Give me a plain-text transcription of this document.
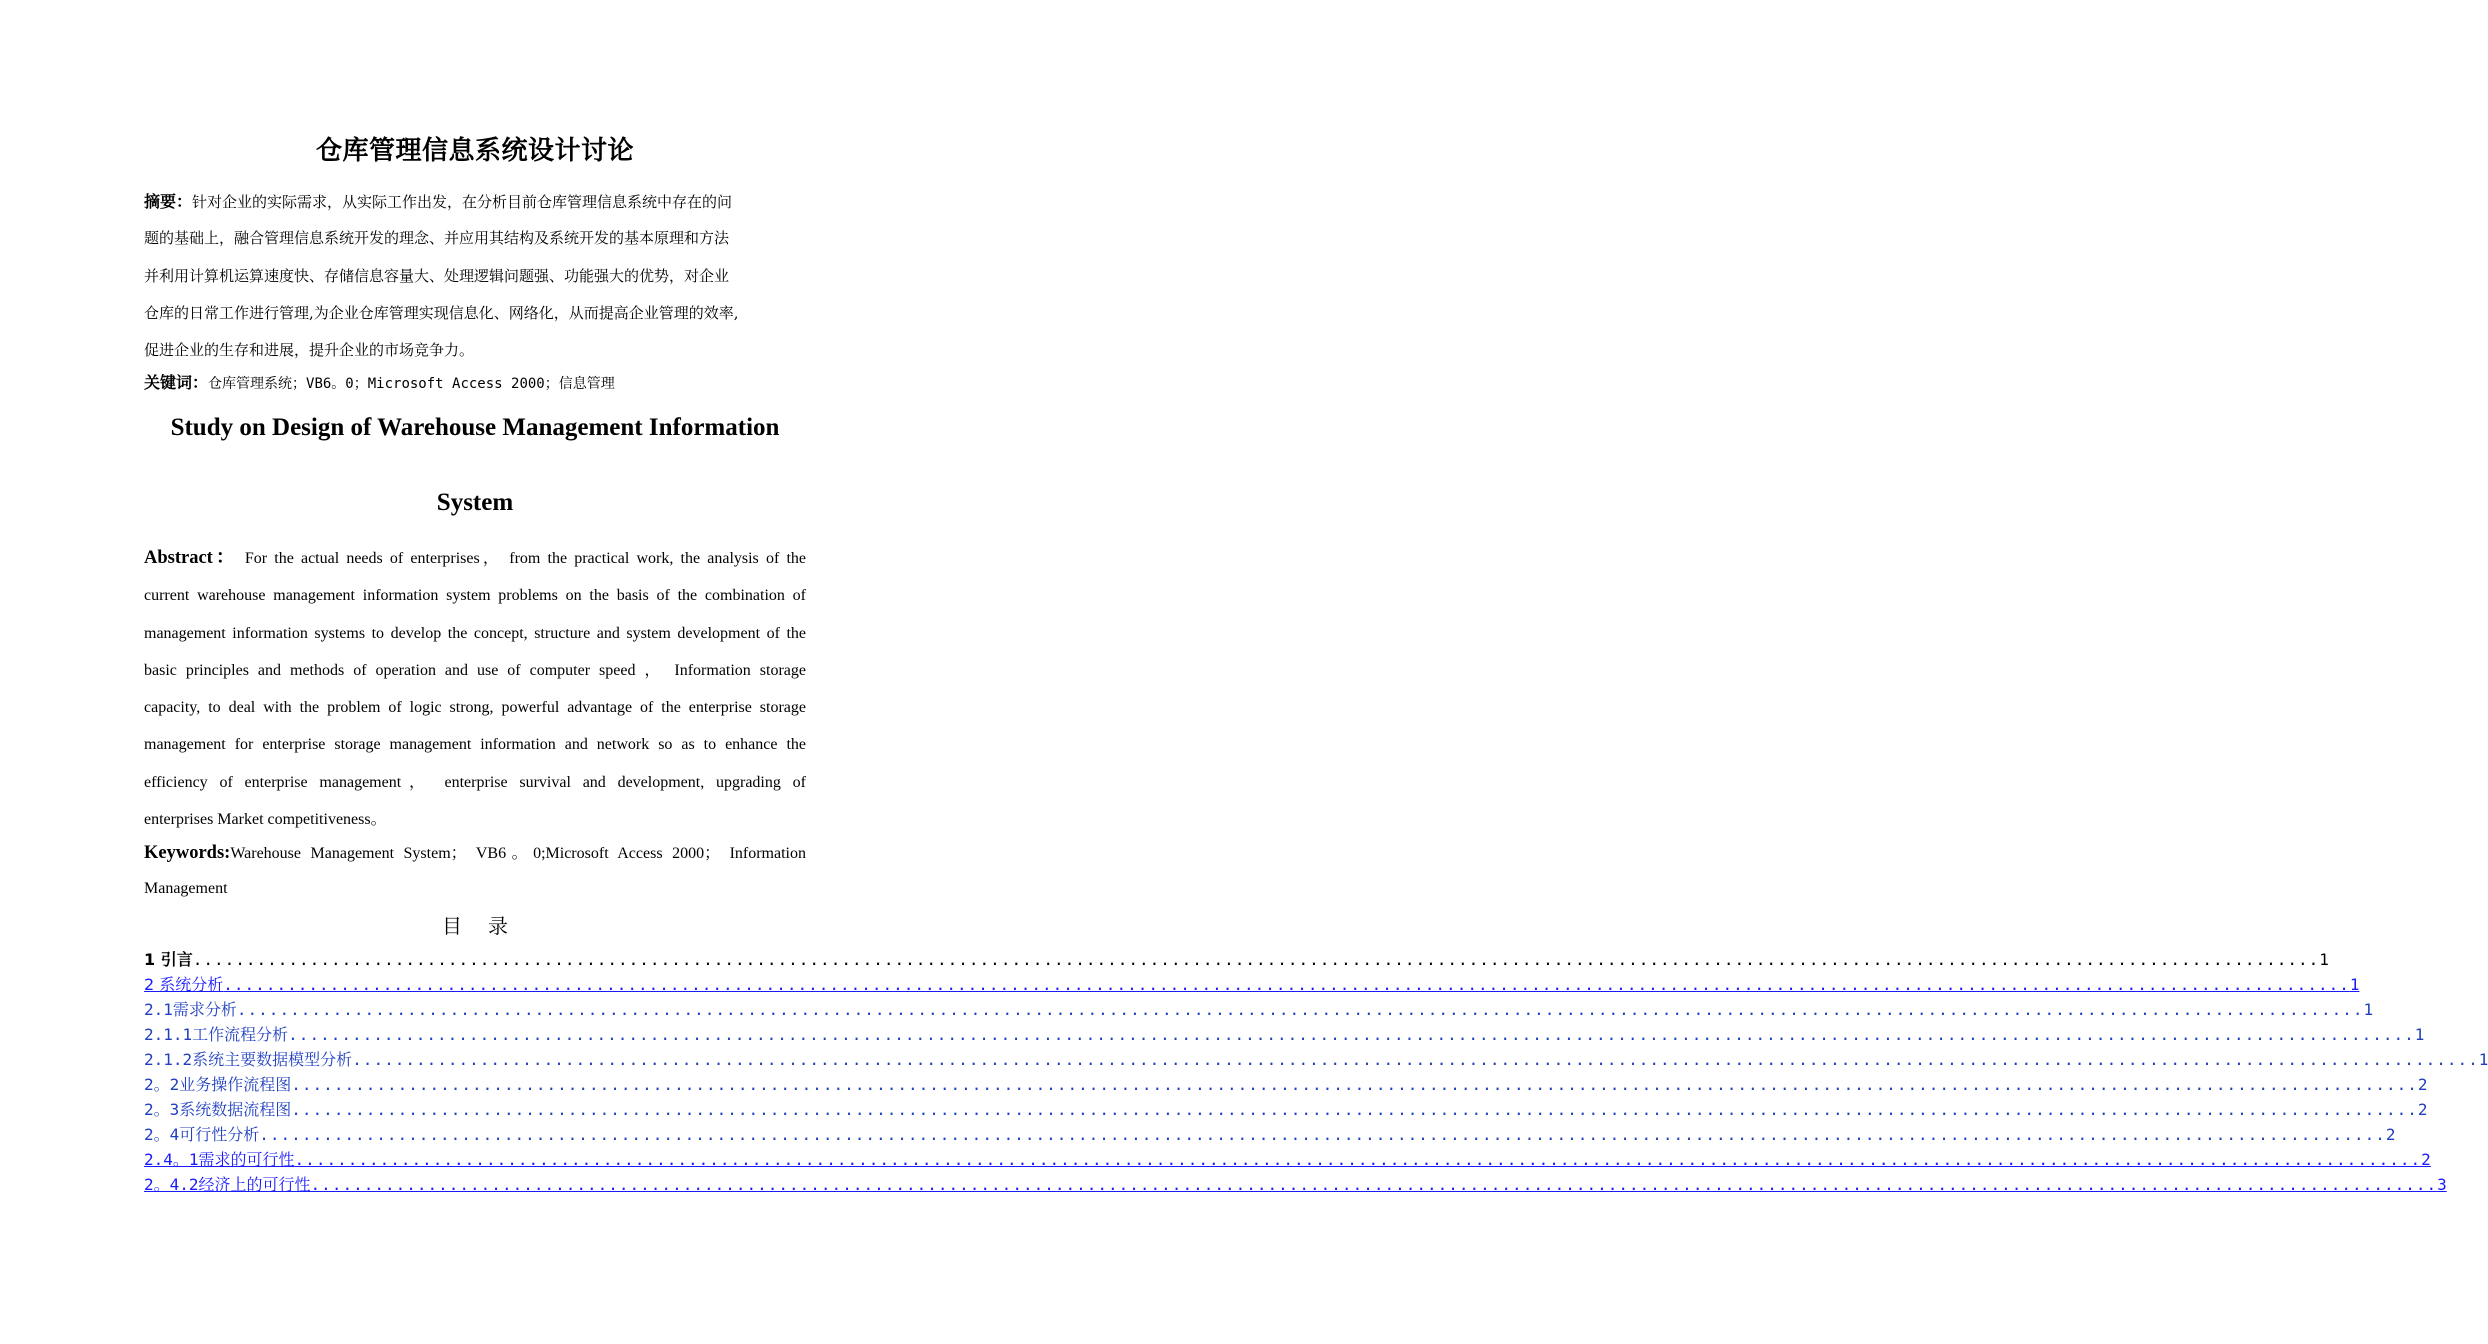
仓库管理信息系统设计讨论
摘要：针对企业的实际需求，从实际工作出发，在分析目前仓库管理信息系统中存在的问
题的基础上，融合管理信息系统开发的理念、并应用其结构及系统开发的基本原理和方法
并利用计算机运算速度快、存储信息容量大、处理逻辑问题强、功能强大的优势，对企业
仓库的日常工作进行管理,为企业仓库管理实现信息化、网络化，从而提高企业管理的效率,
促进企业的生存和进展，提升企业的市场竞争力。
关键词：仓库管理系统；VB6。0；Microsoft Access 2000；信息管理
Study on Design of Warehouse Management Information
System
Abstract： For the actual needs of enterprises， from the practical work, the analysis of the
current warehouse management information system problems on the basis of the combination of
management information systems to develop the concept, structure and system development of the
basic principles and methods of operation and use of computer speed ， Information storage
capacity, to deal with the problem of logic strong, powerful advantage of the enterprise storage
management for enterprise storage management information and network so as to enhance the
efficiency of enterprise management， enterprise survival and development, upgrading of
enterprises Market competitiveness。
Keywords:Warehouse Management System； VB6。0;Microsoft Access 2000； Information
Management
目录
1 引言 ........................................................................................................................................................................................................ 1
2 系统分析 ........................................................................................................................................................................................................ 1
2.1需求分析 ........................................................................................................................................................................................................ 1
2.1.1工作流程分析 ........................................................................................................................................................................................................ 1
2.1.2系统主要数据模型分析 ........................................................................................................................................................................................................ 1
2。2业务操作流程图 ........................................................................................................................................................................................................ 2
2。3系统数据流程图 ........................................................................................................................................................................................................ 2
2。4可行性分析 ........................................................................................................................................................................................................ 2
2.4。1需求的可行性 ........................................................................................................................................................................................................ 2
2。4.2经济上的可行性 ........................................................................................................................................................................................................ 3
